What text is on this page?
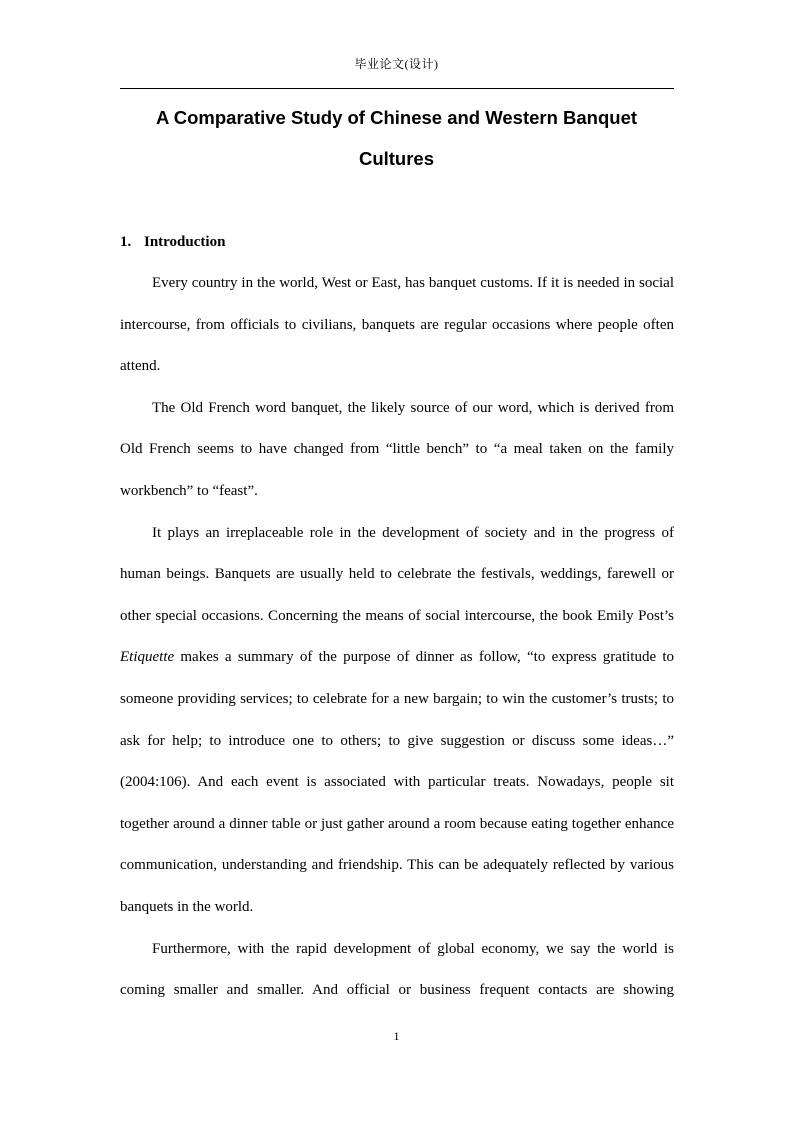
毕业论文(设计)
A Comparative Study of Chinese and Western Banquet
Cultures
1. Introduction

Every country in the world, West or East, has banquet customs. If it is needed in social intercourse, from officials to civilians, banquets are regular occasions where people often attend.

The Old French word banquet, the likely source of our word, which is derived from Old French seems to have changed from “little bench” to “a meal taken on the family workbench” to “feast”.

It plays an irreplaceable role in the development of society and in the progress of human beings. Banquets are usually held to celebrate the festivals, weddings, farewell or other special occasions. Concerning the means of social intercourse, the book Emily Post’s Etiquette makes a summary of the purpose of dinner as follow, “to express gratitude to someone providing services; to celebrate for a new bargain; to win the customer’s trusts; to ask for help; to introduce one to others; to give suggestion or discuss some ideas…” (2004:106). And each event is associated with particular treats. Nowadays, people sit together around a dinner table or just gather around a room because eating together enhance communication, understanding and friendship. This can be adequately reflected by various banquets in the world.

Furthermore, with the rapid development of global economy, we say the world is coming smaller and smaller. And official or business frequent contacts are showing

1
